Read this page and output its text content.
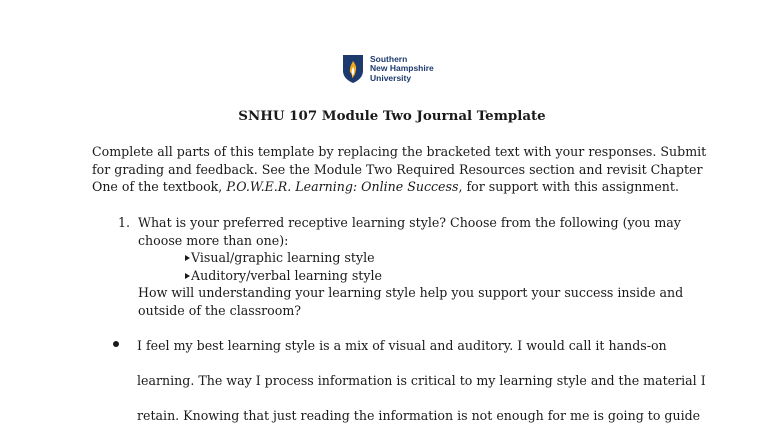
Southern
New Hampshire
University
SNHU 107 Module Two Journal Template
Complete all parts of this template by replacing the bracketed text with your responses. Submit
for grading and feedback. See the Module Two Required Resources section and revisit Chapter
One of the textbook, P.O.W.E.R. Learning: Online Success, for support with this assignment.
1. What is your preferred receptive learning style? Choose from the following (you may
choose more than one):
Visual/graphic learning style
Auditory/verbal learning style
How will understanding your learning style help you support your success inside and
outside of the classroom?
I feel my best learning style is a mix of visual and auditory. I would call it hands-on
learning. The way I process information is critical to my learning style and the material I
retain. Knowing that just reading the information is not enough for me is going to guide
